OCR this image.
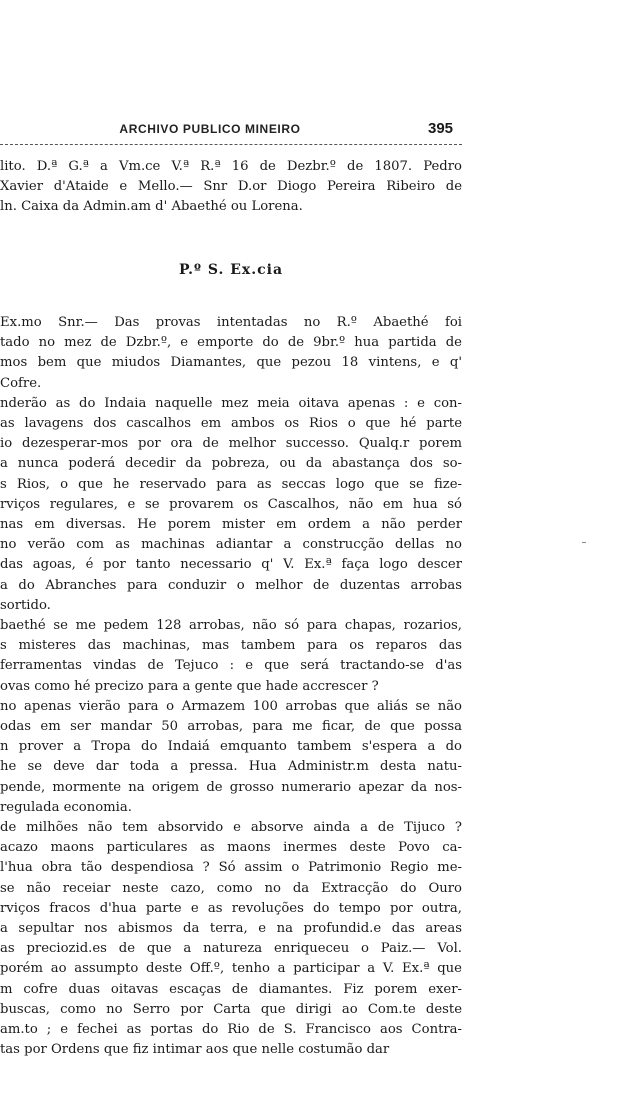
ARCHIVO PUBLICO MINEIRO	395
lito. D.ª G.ª a Vm.ce V.ª R.ª 16 de Dezbr.º de 1807. Pedro
Xavier d'Ataide e Mello.— Snr D.or Diogo Pereira Ribeiro de
ln. Caixa da Admin.am d' Abaethé ou Lorena.
P.º S. Ex.cia
Ex.mo Snr.— Das provas intentadas no R.º Abaethé foi
tado no mez de Dzbr.º, e emporte do de 9br.º hua partida de
mos bem que miudos Diamantes, que pezou 18 vintens, e q'
Cofre.
nderão as do Indaia naquelle mez meia oitava apenas : e con-
as lavagens dos cascalhos em ambos os Rios o que hé parte
io dezesperar-mos por ora de melhor successo. Qualq.r porem
a nunca poderá decedir da pobreza, ou da abastança dos so-
s Rios, o que he reservado para as seccas logo que se fize-
rviços regulares, e se provarem os Cascalhos, não em hua só
nas em diversas. He porem mister em ordem a não perder
no verão com as machinas adiantar a construcção dellas no
das agoas, é por tanto necessario q' V. Ex.ª faça logo descer
a do Abranches para conduzir o melhor de duzentas arrobas
sortido.
baethé se me pedem 128 arrobas, não só para chapas, rozarios,
s misteres das machinas, mas tambem para os reparos das
ferramentas vindas de Tejuco : e que será tractando-se d'as
ovas como hé precizo para a gente que hade accrescer ?
no apenas vierão para o Armazem 100 arrobas que aliás se não
odas em ser mandar 50 arrobas, para me ficar, de que possa
n prover a Tropa do Indaiá emquanto tambem s'espera a do
he se deve dar toda a pressa. Hua Administr.m desta natu-
pende, mormente na origem de grosso numerario apezar da nos-
regulada economia.
de milhões não tem absorvido e absorve ainda a de Tijuco ?
acazo maons particulares as maons inermes deste Povo ca-
l'hua obra tão despendiosa ? Só assim o Patrimonio Regio me-
se não receiar neste cazo, como no da Extracção do Ouro
rviços fracos d'hua parte e as revoluções do tempo por outra,
a sepultar nos abismos da terra, e na profundid.e das areas
as preciozid.es de que a natureza enriqueceu o Paiz.— Vol.
porém ao assumpto deste Off.º, tenho a participar a V. Ex.ª que
m cofre duas oitavas escaças de diamantes. Fiz porem exer-
buscas, como no Serro por Carta que dirigi ao Com.te deste
am.to ; e fechei as portas do Rio de S. Francisco aos Contra-
tas por Ordens que fiz intimar aos que nelle costumão dar
